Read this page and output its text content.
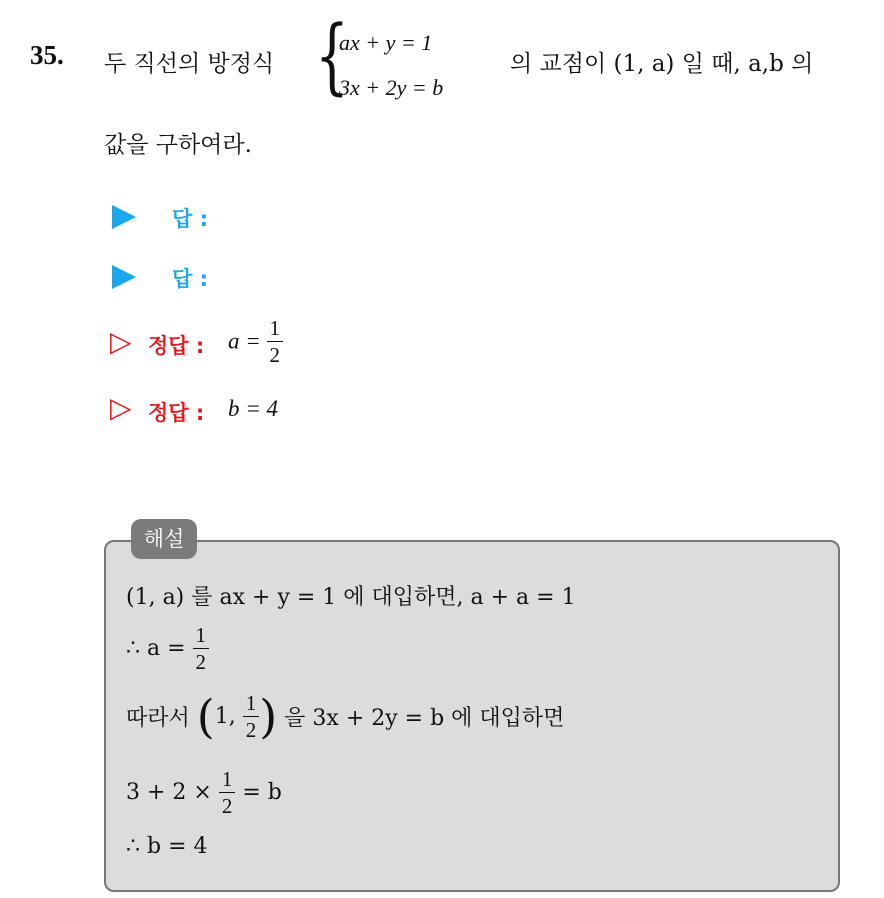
35. 두 직선의 방정식 {
ax + y = 1
3x + 2y = b
의 교점이 (1, a) 일 때, a,b 의
값을 구하여라.
답 :
답 :
▷ 정답 : $a = \frac{1}{2}$
▷ 정답 : b = 4
해설
(1, a) 를 ax + y = 1 에 대입하면, a + a = 1
∴ $a = \frac{1}{2}$
따라서 (1, $\frac{1}{2}$ ) 을 3x + 2y = b 에 대입하면
$3 + 2 \times \frac{1}{2} = b$
∴ b = 4
